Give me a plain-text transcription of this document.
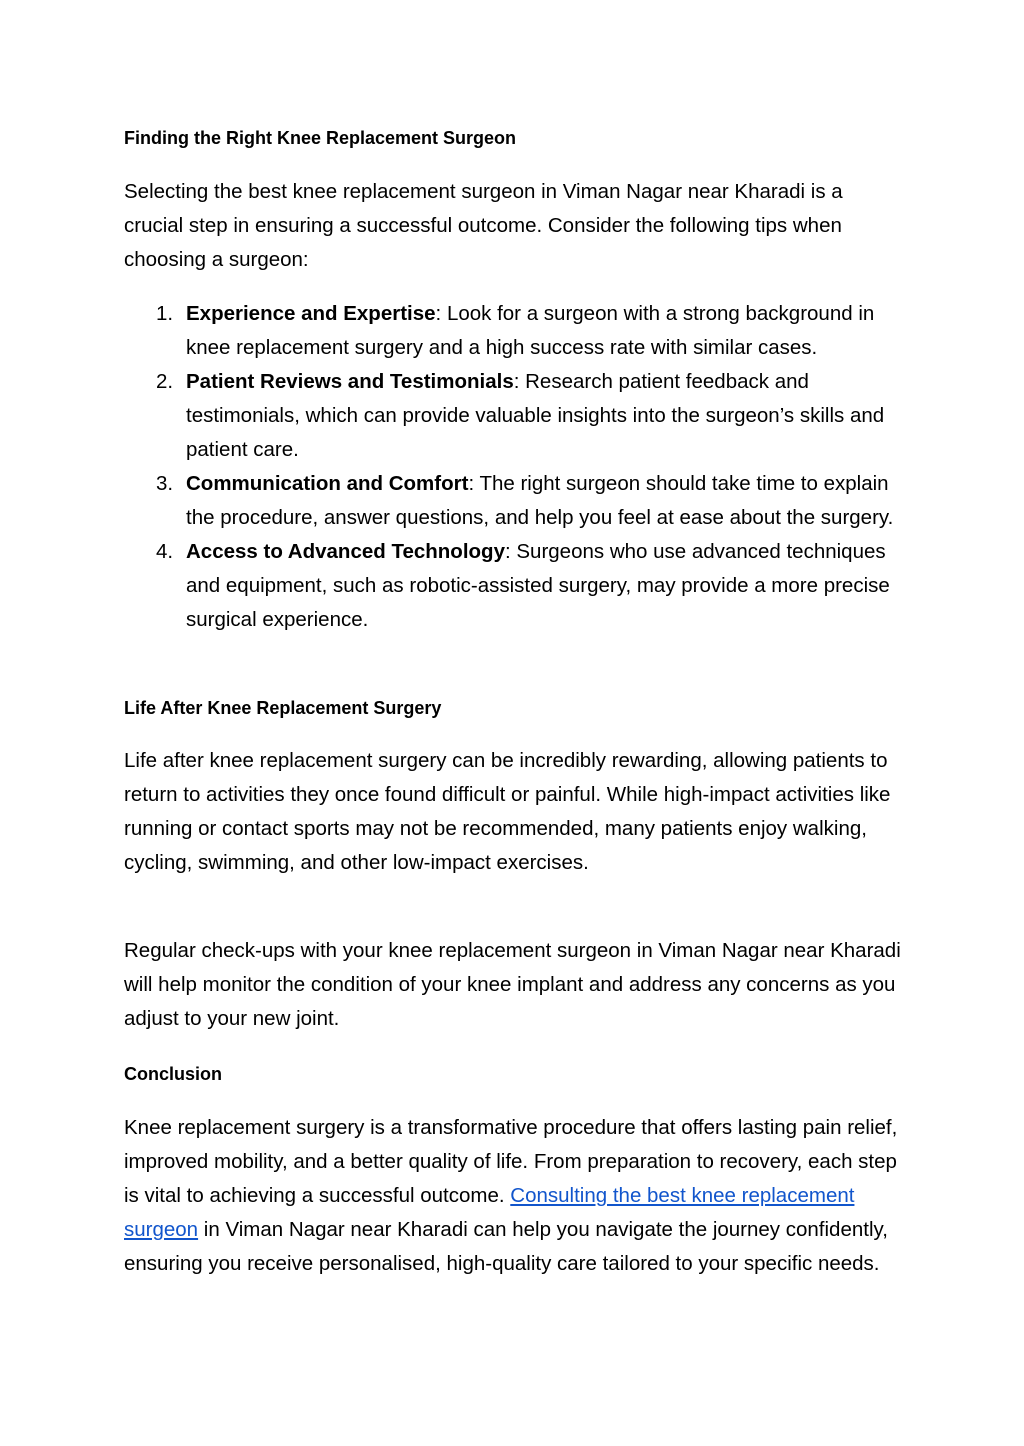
Finding the Right Knee Replacement Surgeon

Selecting the best knee replacement surgeon in Viman Nagar near Kharadi is a crucial step in ensuring a successful outcome. Consider the following tips when choosing a surgeon:

1. Experience and Expertise: Look for a surgeon with a strong background in knee replacement surgery and a high success rate with similar cases.
2. Patient Reviews and Testimonials: Research patient feedback and testimonials, which can provide valuable insights into the surgeon’s skills and patient care.
3. Communication and Comfort: The right surgeon should take time to explain the procedure, answer questions, and help you feel at ease about the surgery.
4. Access to Advanced Technology: Surgeons who use advanced techniques and equipment, such as robotic-assisted surgery, may provide a more precise surgical experience.
Life After Knee Replacement Surgery

Life after knee replacement surgery can be incredibly rewarding, allowing patients to return to activities they once found difficult or painful. While high-impact activities like running or contact sports may not be recommended, many patients enjoy walking, cycling, swimming, and other low-impact exercises.

Regular check-ups with your knee replacement surgeon in Viman Nagar near Kharadi will help monitor the condition of your knee implant and address any concerns as you adjust to your new joint.

Conclusion

Knee replacement surgery is a transformative procedure that offers lasting pain relief, improved mobility, and a better quality of life. From preparation to recovery, each step is vital to achieving a successful outcome. Consulting the best knee replacement surgeon in Viman Nagar near Kharadi can help you navigate the journey confidently, ensuring you receive personalised, high-quality care tailored to your specific needs.
